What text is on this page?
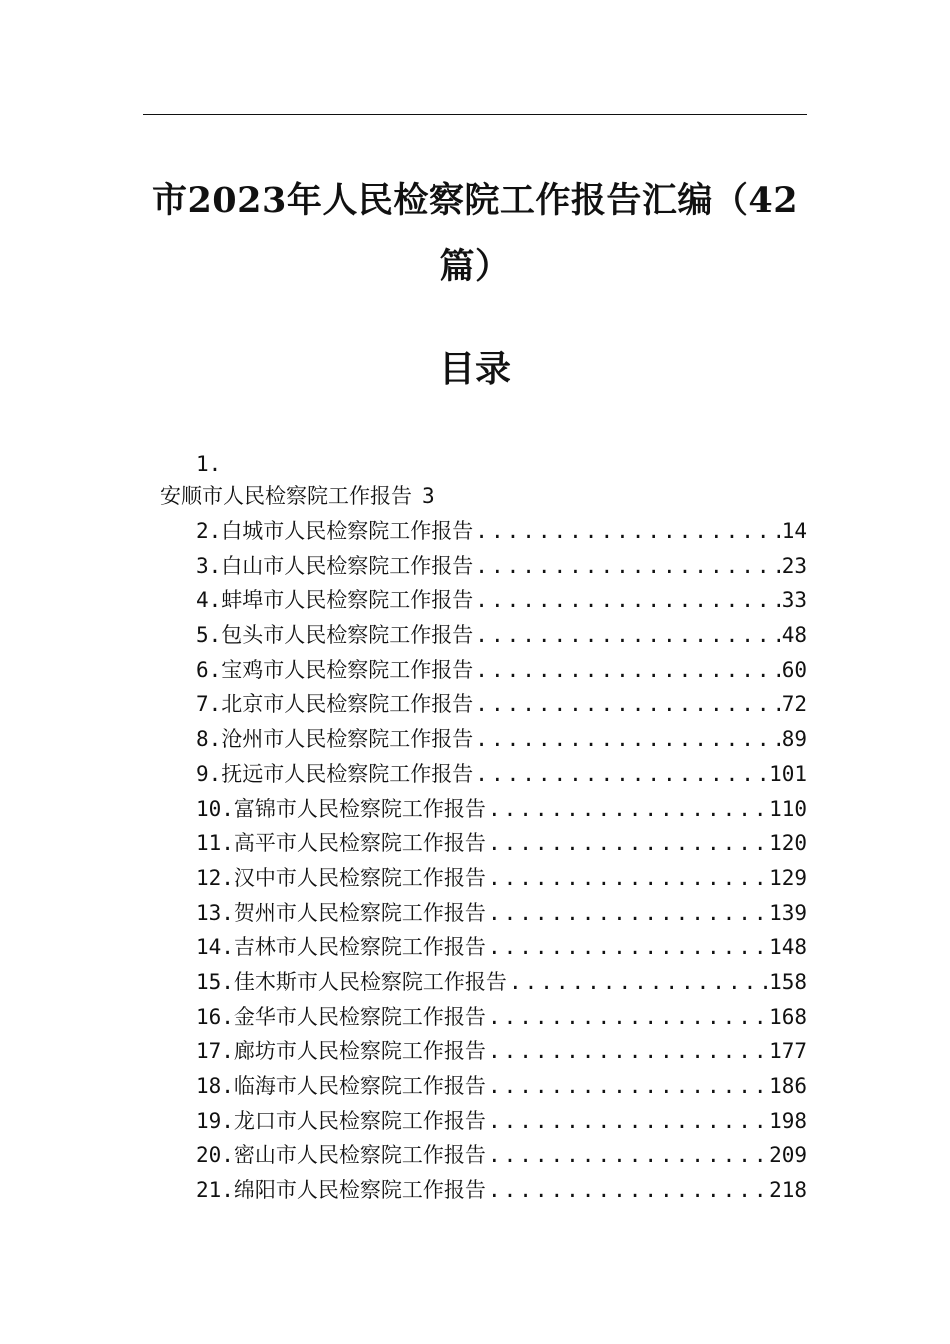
市2023年人民检察院工作报告汇编（42
篇）
目录
1.
安顺市人民检察院工作报告 3
2.白城市人民检察院工作报告 .....	14
3.白山市人民检察院工作报告 .....	23
4.蚌埠市人民检察院工作报告 .....	33
5.包头市人民检察院工作报告 .....	48
6.宝鸡市人民检察院工作报告 .....	60
7.北京市人民检察院工作报告 .....	72
8.沧州市人民检察院工作报告 .....	89
9.抚远市人民检察院工作报告 .....	101
10.富锦市人民检察院工作报告 .....	110
11.高平市人民检察院工作报告 .....	120
12.汉中市人民检察院工作报告 .....	129
13.贺州市人民检察院工作报告 .....	139
14.吉林市人民检察院工作报告 .....	148
15.佳木斯市人民检察院工作报告 .....	158
16.金华市人民检察院工作报告 .....	168
17.廊坊市人民检察院工作报告 .....	177
18.临海市人民检察院工作报告 .....	186
19.龙口市人民检察院工作报告 .....	198
20.密山市人民检察院工作报告 .....	209
21.绵阳市人民检察院工作报告 .....	218
